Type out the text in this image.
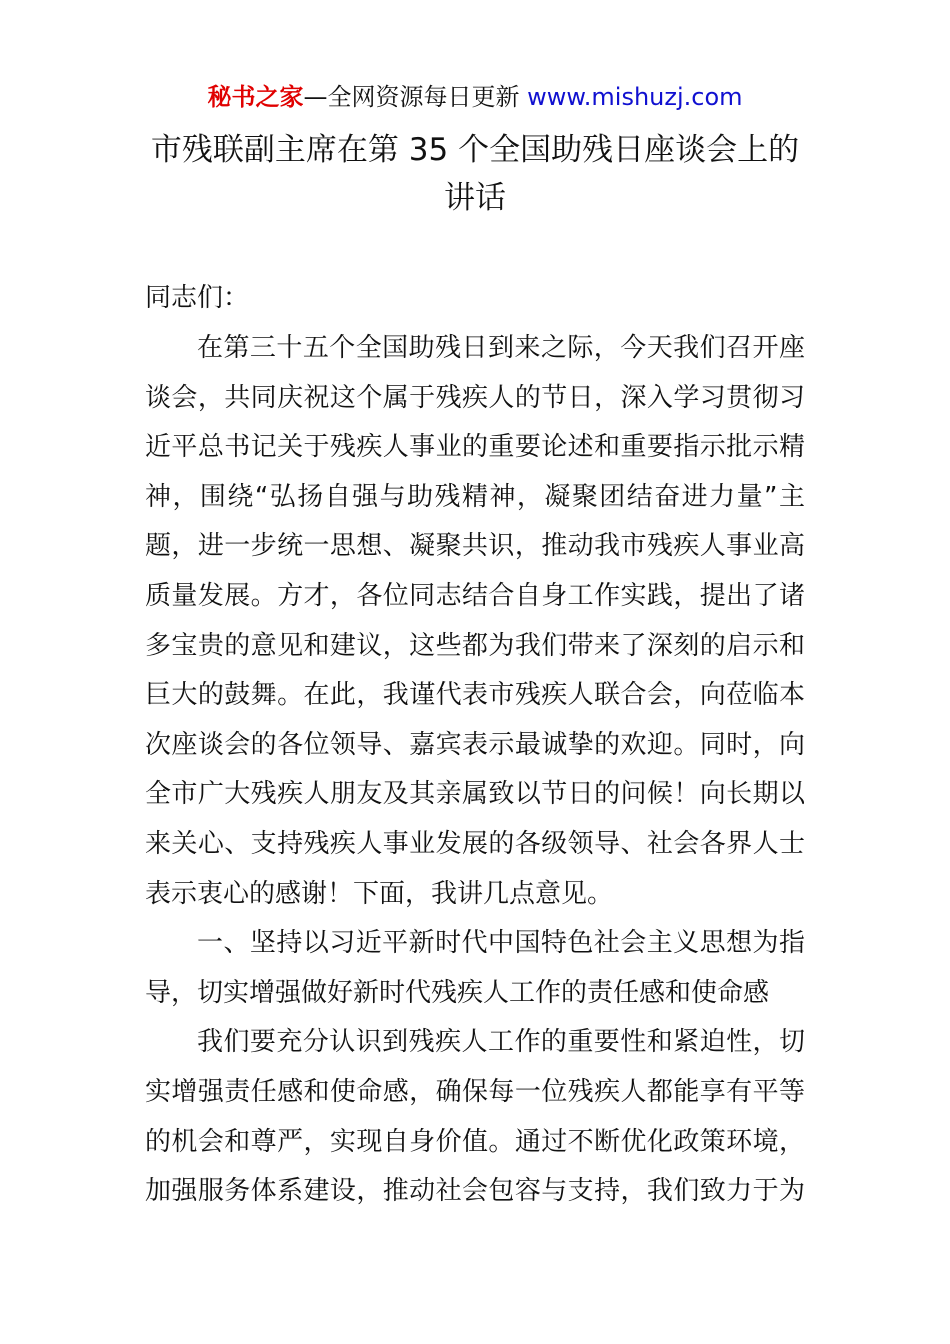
秘书之家—全网资源每日更新 www.mishuzj.com
市残联副主席在第 35 个全国助残日座谈会上的
讲话
同志们：
在第三十五个全国助残日到来之际，今天我们召开座
谈会，共同庆祝这个属于残疾人的节日，深入学习贯彻习
近平总书记关于残疾人事业的重要论述和重要指示批示精
神，围绕“弘扬自强与助残精神，凝聚团结奋进力量”主
题，进一步统一思想、凝聚共识，推动我市残疾人事业高
质量发展。方才，各位同志结合自身工作实践，提出了诸
多宝贵的意见和建议，这些都为我们带来了深刻的启示和
巨大的鼓舞。在此，我谨代表市残疾人联合会，向莅临本
次座谈会的各位领导、嘉宾表示最诚挚的欢迎。同时，向
全市广大残疾人朋友及其亲属致以节日的问候！向长期以
来关心、支持残疾人事业发展的各级领导、社会各界人士
表示衷心的感谢！下面，我讲几点意见。
一、坚持以习近平新时代中国特色社会主义思想为指
导，切实增强做好新时代残疾人工作的责任感和使命感
我们要充分认识到残疾人工作的重要性和紧迫性，切
实增强责任感和使命感，确保每一位残疾人都能享有平等
的机会和尊严，实现自身价值。通过不断优化政策环境，
加强服务体系建设，推动社会包容与支持，我们致力于为
